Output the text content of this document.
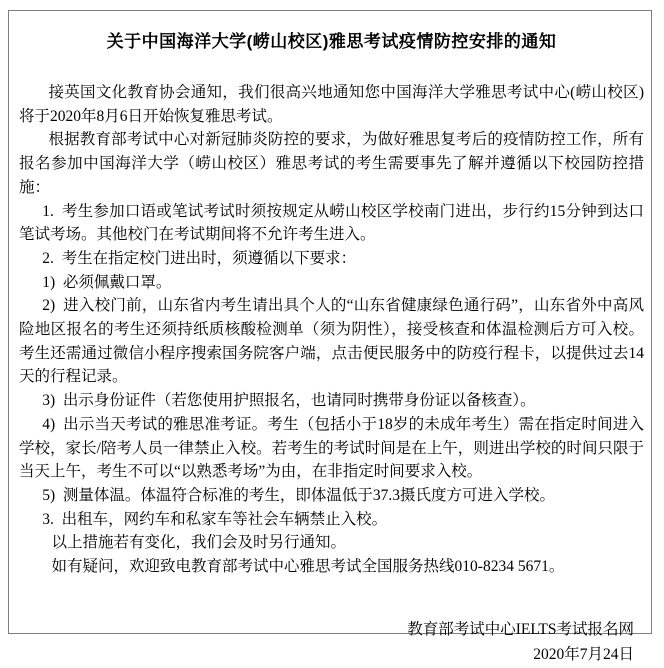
关于中国海洋大学(崂山校区)雅思考试疫情防控安排的通知

接英国文化教育协会通知，我们很高兴地通知您中国海洋大学雅思考试中心(崂山校区)将于2020年8月6日开始恢复雅思考试。

根据教育部考试中心对新冠肺炎防控的要求，为做好雅思复考后的疫情防控工作，所有报名参加中国海洋大学（崂山校区）雅思考试的考生需要事先了解并遵循以下校园防控措施：

1. 考生参加口语或笔试考试时须按规定从崂山校区学校南门进出，步行约15分钟到达口笔试考场。其他校门在考试期间将不允许考生进入。

2. 考生在指定校门进出时，须遵循以下要求：

1) 必须佩戴口罩。

2) 进入校门前，山东省内考生请出具个人的“山东省健康绿色通行码”，山东省外中高风险地区报名的考生还须持纸质核酸检测单（须为阴性），接受核查和体温检测后方可入校。考生还需通过微信小程序搜索国务院客户端，点击便民服务中的防疫行程卡，以提供过去14天的行程记录。

3) 出示身份证件（若您使用护照报名，也请同时携带身份证以备核查）。

4) 出示当天考试的雅思准考证。考生（包括小于18岁的未成年考生）需在指定时间进入学校，家长/陪考人员一律禁止入校。若考生的考试时间是在上午，则进出学校的时间只限于当天上午，考生不可以“以熟悉考场”为由，在非指定时间要求入校。

5) 测量体温。体温符合标准的考生，即体温低于37.3摄氏度方可进入学校。

3. 出租车，网约车和私家车等社会车辆禁止入校。

以上措施若有变化，我们会及时另行通知。

如有疑问，欢迎致电教育部考试中心雅思考试全国服务热线010-8234 5671。

教育部考试中心IELTS考试报名网
2020年7月24日
